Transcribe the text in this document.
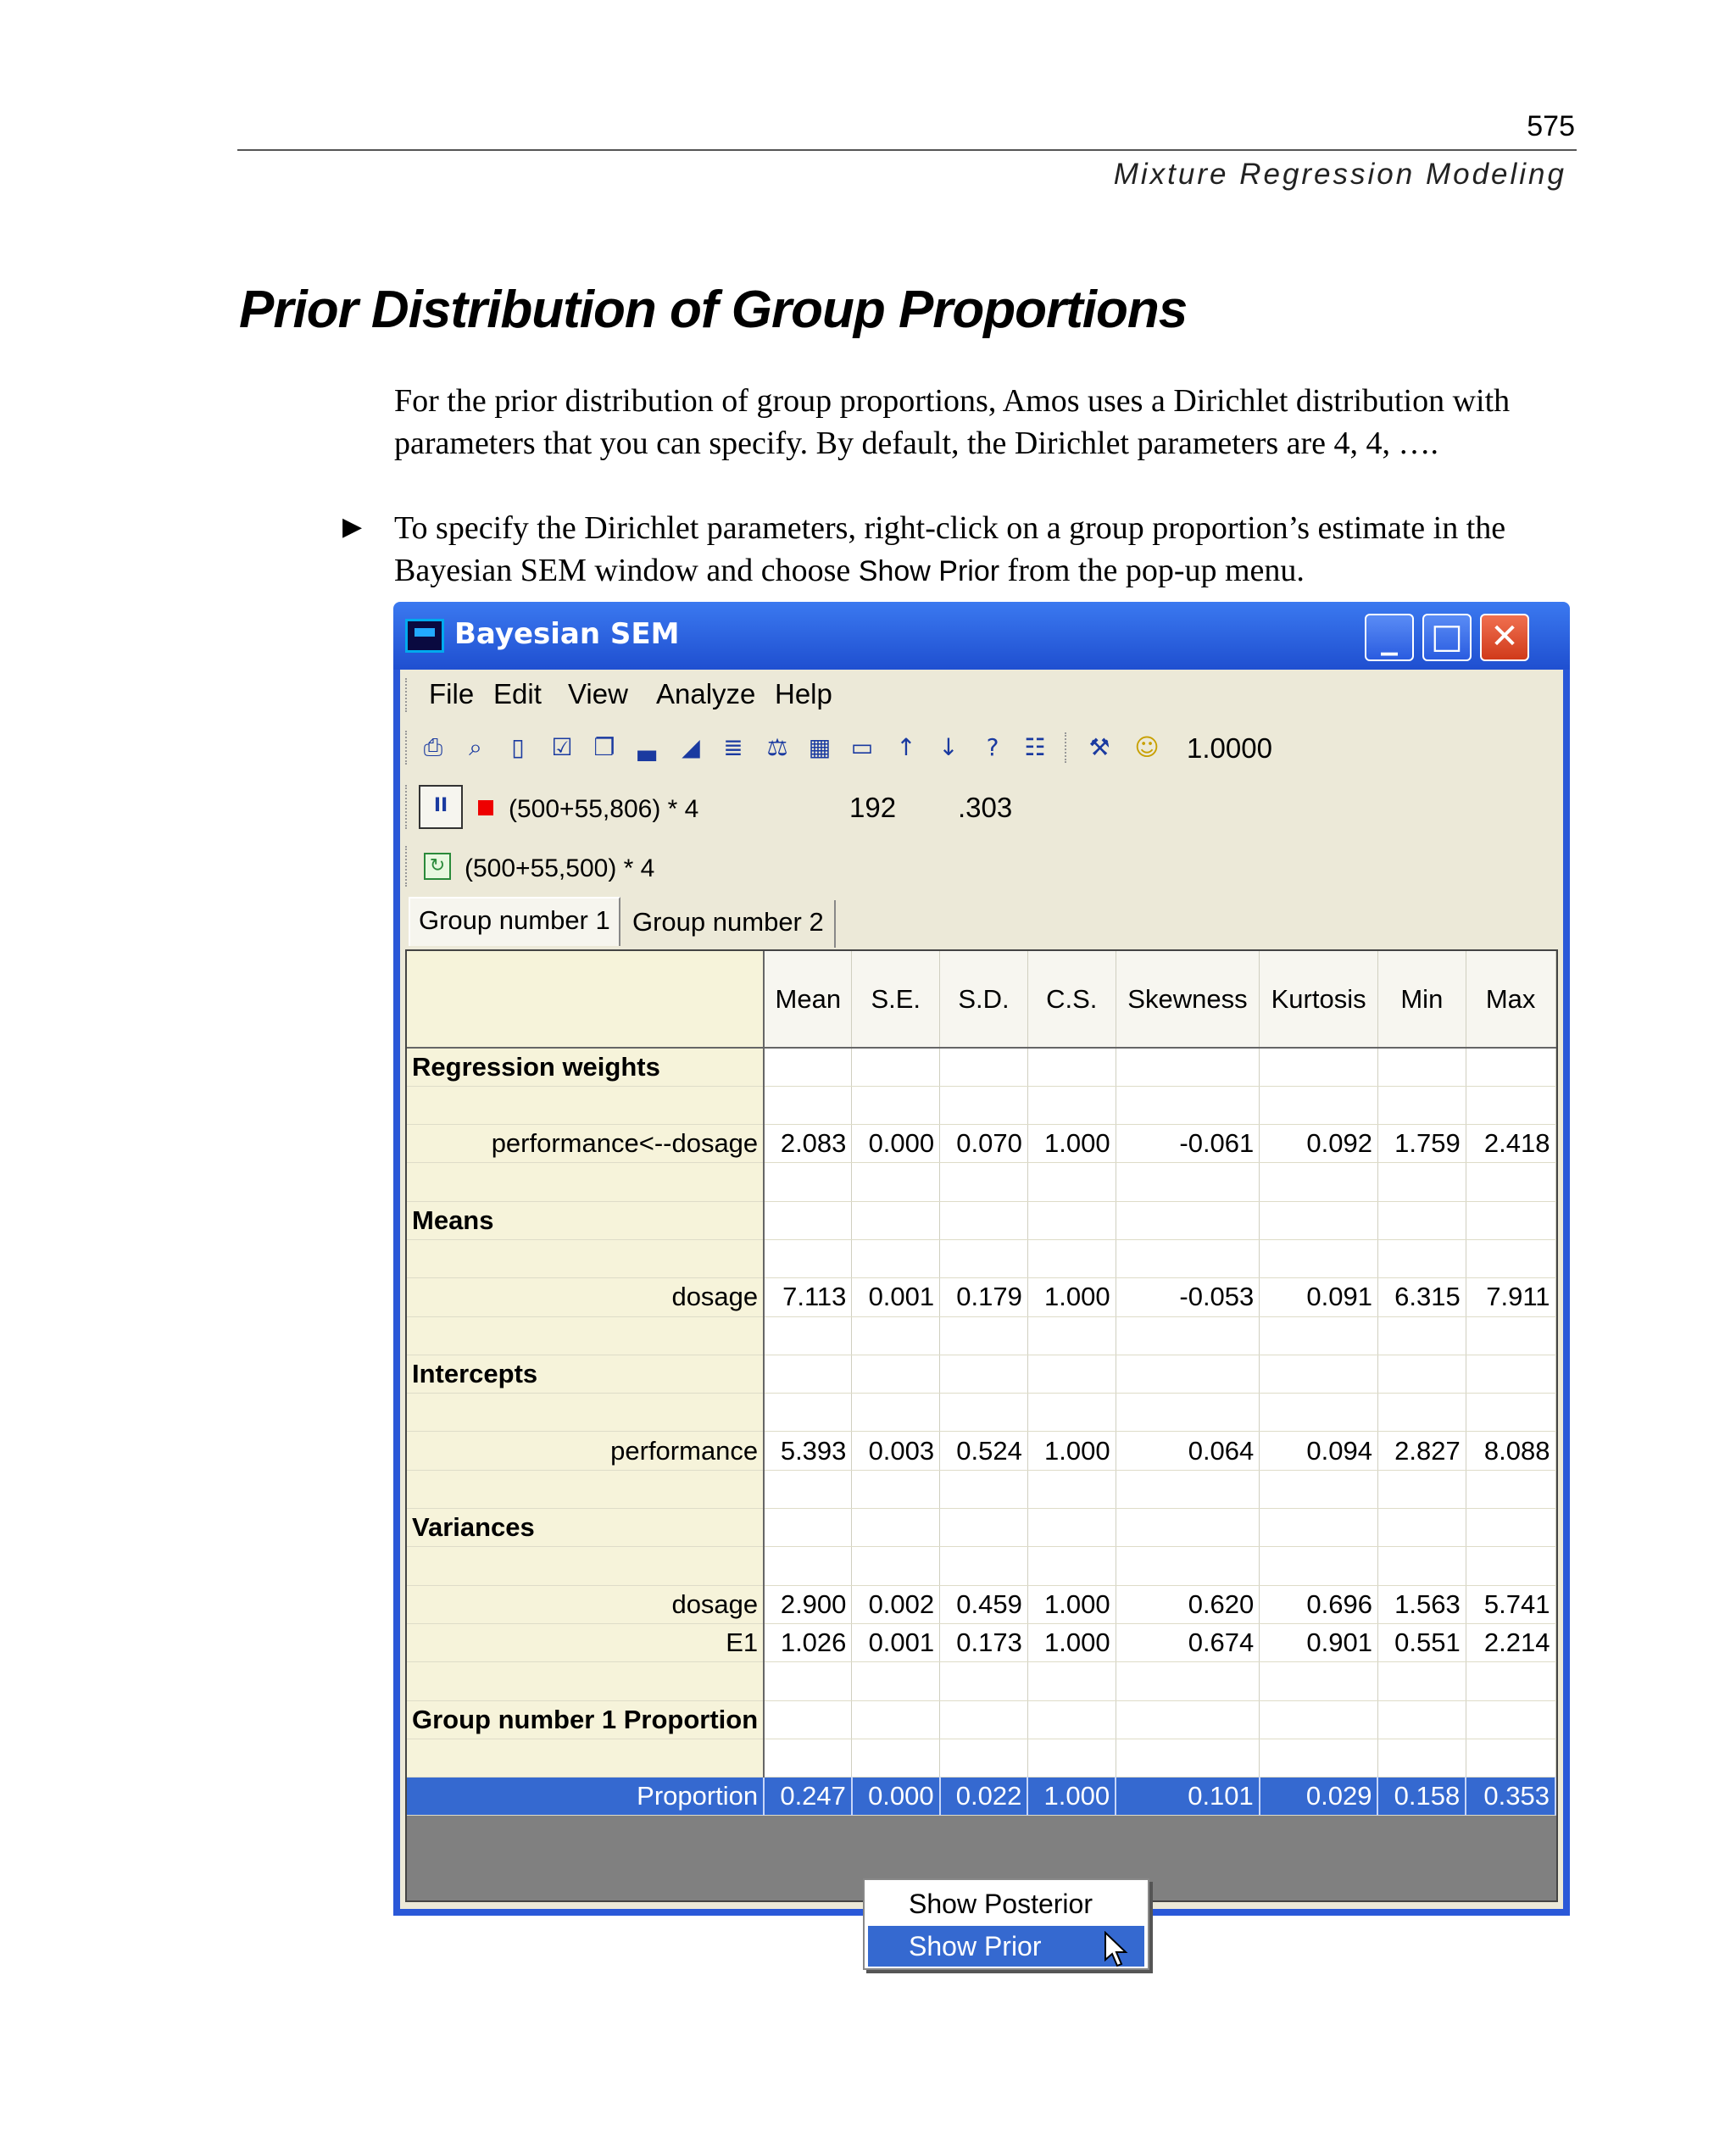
575
Mixture Regression Modeling
Prior Distribution of Group Proportions
For the prior distribution of group proportions, Amos uses a Dirichlet distribution with parameters that you can specify. By default, the Dirichlet parameters are 4, 4, ….
▶ To specify the Dirichlet parameters, right-click on a group proportion’s estimate in the Bayesian SEM window and choose Show Prior from the pop-up menu.
Bayesian SEM	_ □ ✕
File Edit View Analyze Help
⎙	⌕	▯	☑ ❐ ▃ ◢ ≣ ⚖ ▦ ▭ ↑ ↓	?	☷ ⚒ ☺ 1.0000
II	(500+55,806) * 4	192 .303
↻ (500+55,500) * 4
Group number 1 Group number 2
	Mean	S.E.	S.D.	C.S.	Skewness	Kurtosis	Min	Max
Regression weights								

performance<--dosage	2.083	0.000	0.070	1.000	-0.061	0.092	1.759	2.418

Means								

dosage	7.113	0.001	0.179	1.000	-0.053	0.091	6.315	7.911

Intercepts								

performance	5.393	0.003	0.524	1.000	0.064	0.094	2.827	8.088

Variances								

dosage	2.900	0.002	0.459	1.000	0.620	0.696	1.563	5.741
E1	1.026	0.001	0.173	1.000	0.674	0.901	0.551	2.214

Group number 1 Proportion								

Proportion	0.247	0.000	0.022	1.000	0.101	0.029	0.158	0.353
Show Posterior
Show Prior
